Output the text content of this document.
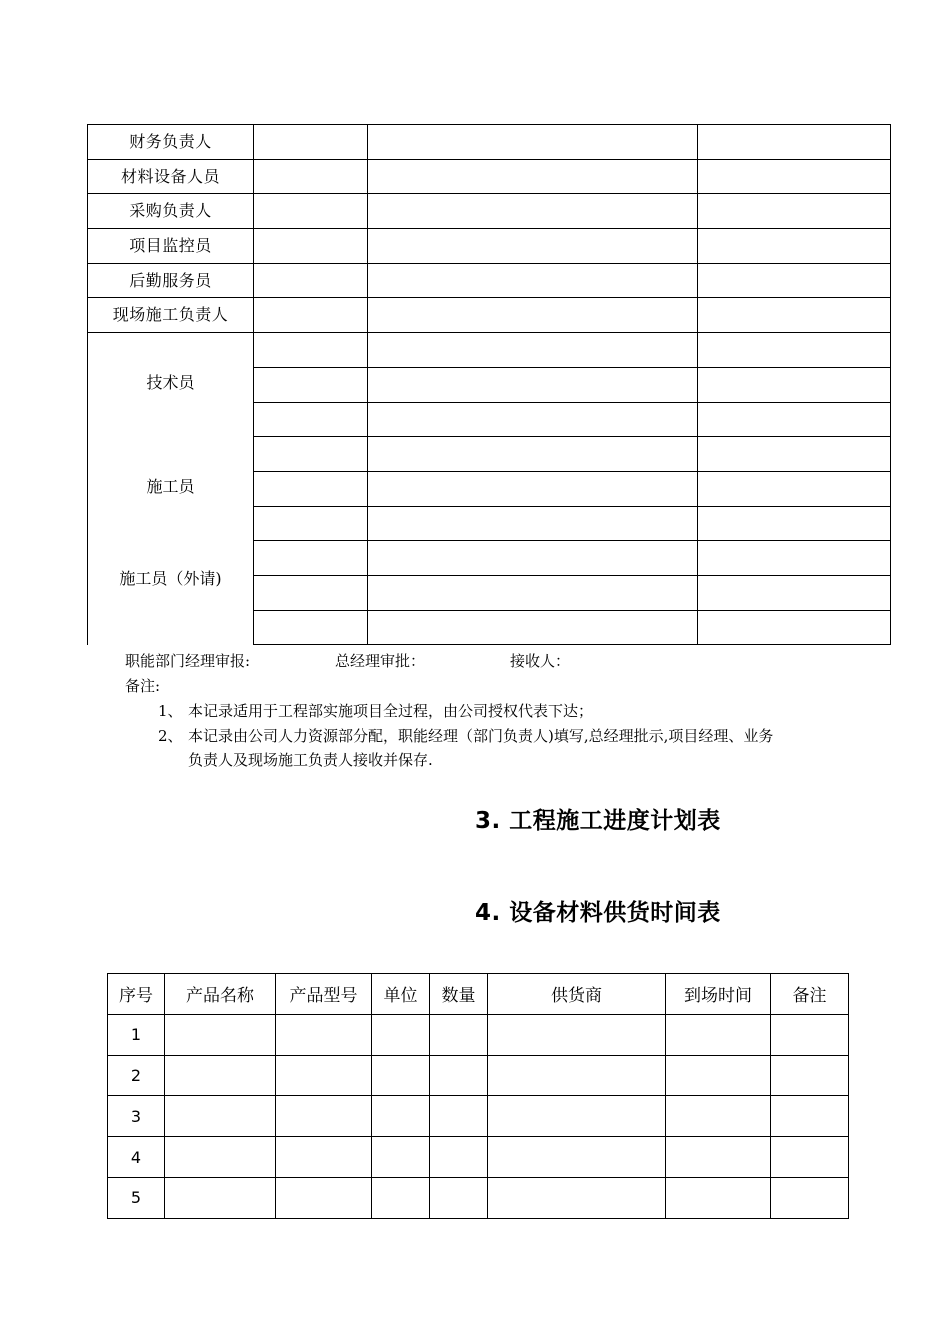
财务负责人			
材料设备人员			
采购负责人			
项目监控员			
后勤服务员			
现场施工负责人			

技术员
施工员
施工员（外请)			

职能部门经理审报:	总经理审批：	接收人：
备注:
1、 本记录适用于工程部实施项目全过程，由公司授权代表下达；
2、 本记录由公司人力资源部分配，职能经理（部门负责人)填写,总经理批示,项目经理、业务
负责人及现场施工负责人接收并保存.
3. 工程施工进度计划表
4. 设备材料供货时间表
序号	产品名称	产品型号	单位	数量	供货商	到场时间	备注
1							
2							
3							
4							
5							
